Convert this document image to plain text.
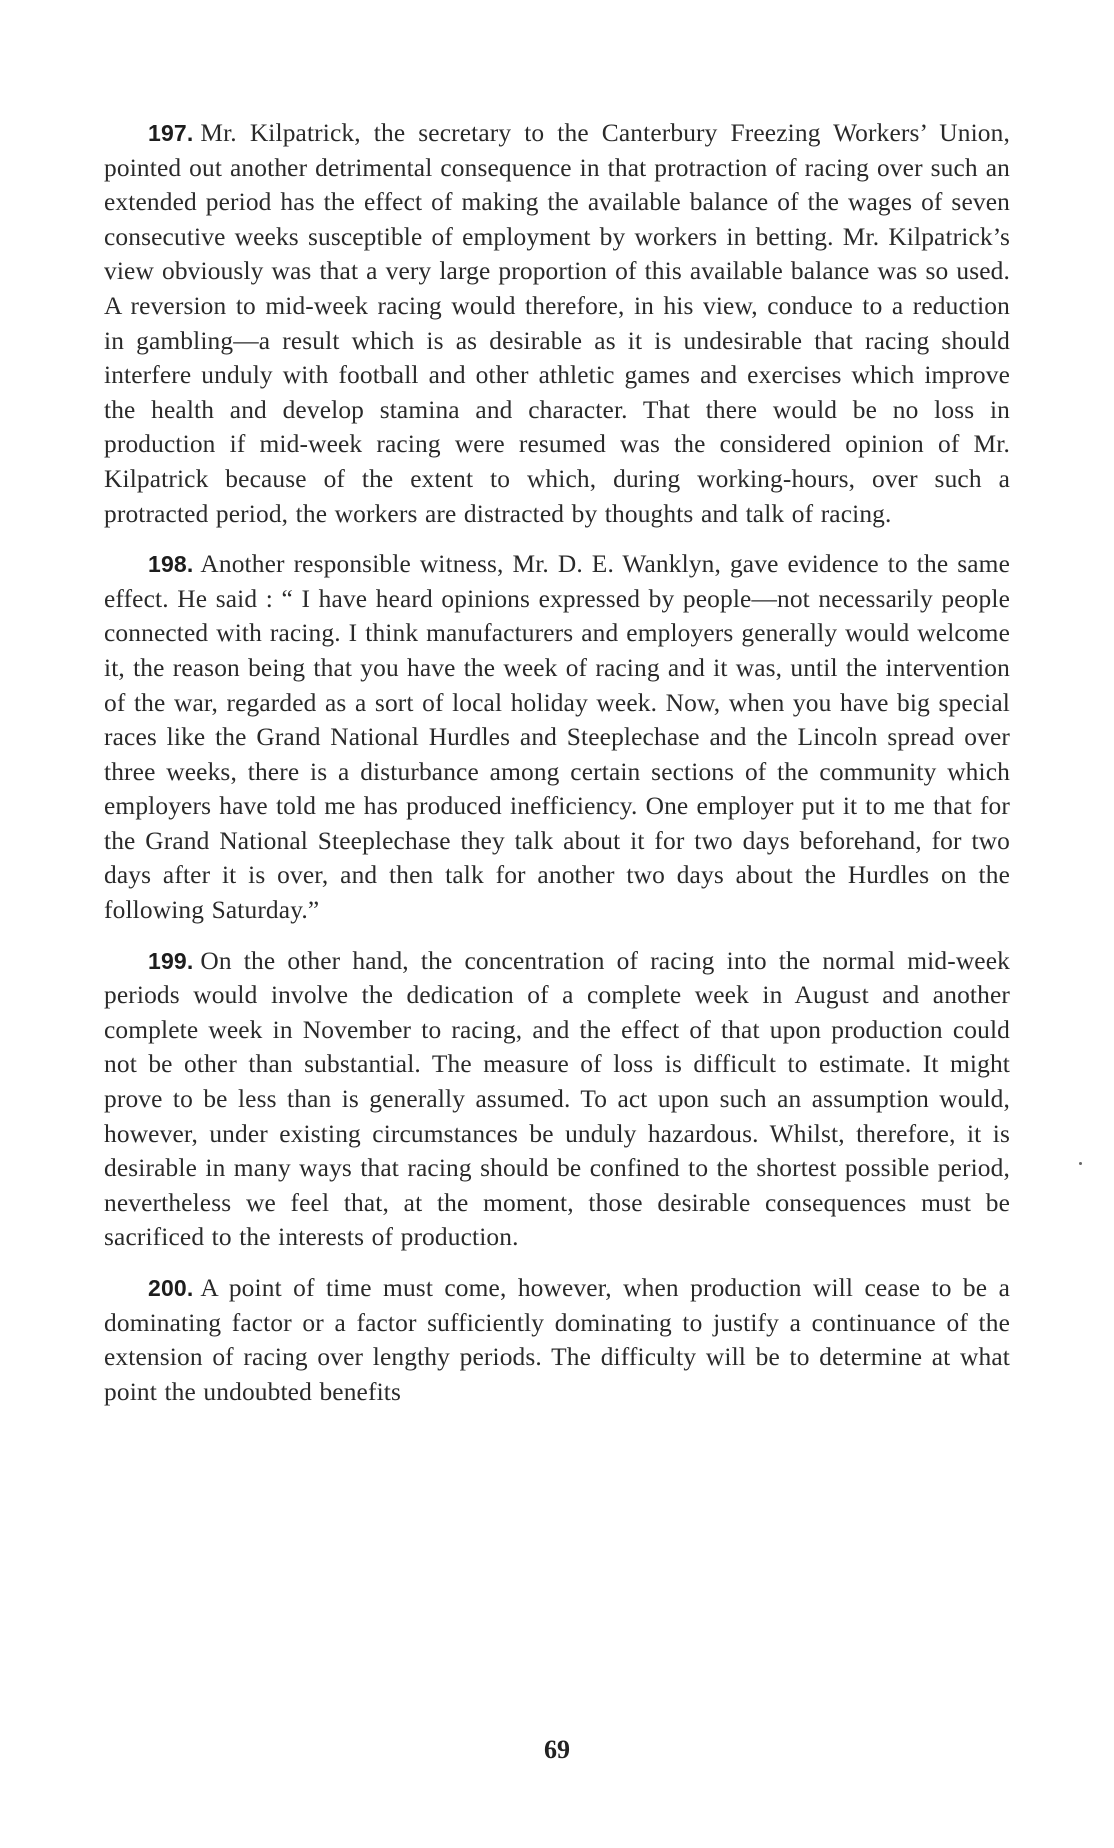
197. Mr. Kilpatrick, the secretary to the Canterbury Freezing Workers’ Union, pointed out another detrimental consequence in that protraction of racing over such an extended period has the effect of making the available balance of the wages of seven consecutive weeks susceptible of employment by workers in betting. Mr. Kilpatrick’s view obviously was that a very large proportion of this available balance was so used. A reversion to mid-week racing would therefore, in his view, conduce to a reduction in gambling—a result which is as desirable as it is undesirable that racing should interfere unduly with football and other athletic games and exercises which improve the health and develop stamina and character. That there would be no loss in production if mid-week racing were resumed was the considered opinion of Mr. Kilpatrick because of the extent to which, during working-hours, over such a protracted period, the workers are distracted by thoughts and talk of racing.

198. Another responsible witness, Mr. D. E. Wanklyn, gave evidence to the same effect. He said : “ I have heard opinions expressed by people—not necessarily people connected with racing. I think manufacturers and employers generally would welcome it, the reason being that you have the week of racing and it was, until the intervention of the war, regarded as a sort of local holiday week. Now, when you have big special races like the Grand National Hurdles and Steeplechase and the Lincoln spread over three weeks, there is a disturbance among certain sections of the community which employers have told me has produced inefficiency. One employer put it to me that for the Grand National Steeplechase they talk about it for two days beforehand, for two days after it is over, and then talk for another two days about the Hurdles on the following Saturday.”

199. On the other hand, the concentration of racing into the normal mid-week periods would involve the dedication of a complete week in August and another complete week in November to racing, and the effect of that upon production could not be other than substantial. The measure of loss is difficult to estimate. It might prove to be less than is generally assumed. To act upon such an assumption would, however, under existing circumstances be unduly hazardous. Whilst, therefore, it is desirable in many ways that racing should be confined to the shortest possible period, nevertheless we feel that, at the moment, those desirable consequences must be sacrificed to the interests of production.

200. A point of time must come, however, when production will cease to be a dominating factor or a factor sufficiently dominating to justify a continuance of the extension of racing over lengthy periods. The difficulty will be to determine at what point the undoubted benefits

69
